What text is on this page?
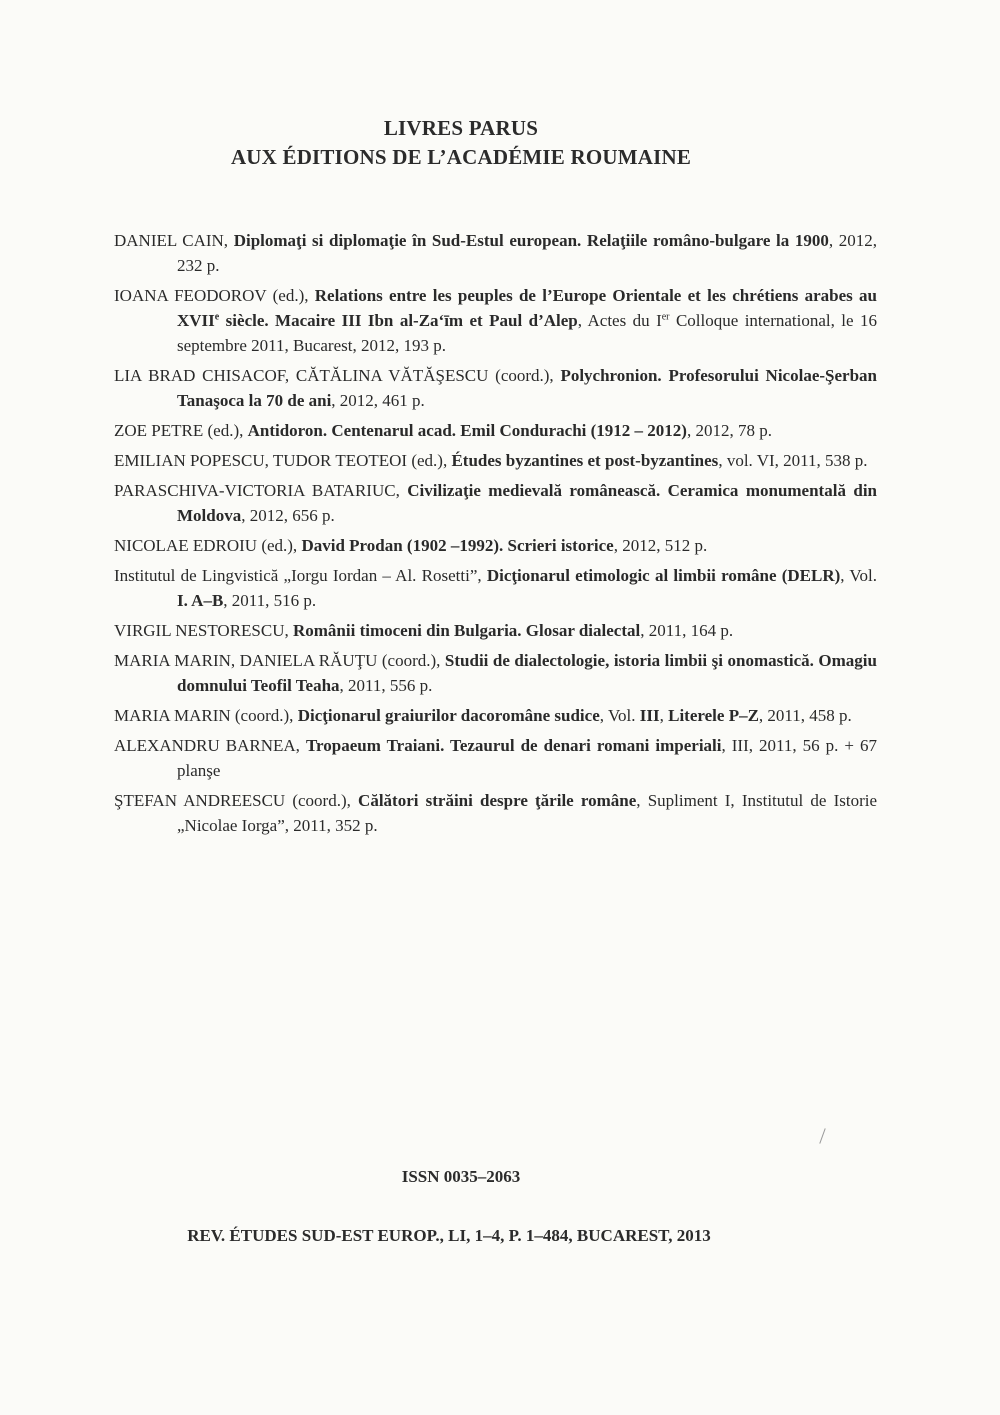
LIVRES PARUS
AUX ÉDITIONS DE L’ACADÉMIE ROUMAINE

DANIEL CAIN, Diplomaţi si diplomaţie în Sud-Estul european. Relaţiile româno-bulgare la 1900, 2012, 232 p.

IOANA FEODOROV (ed.), Relations entre les peuples de l’Europe Orientale et les chrétiens arabes au XVIIe siècle. Macaire III Ibn al-Za‘īm et Paul d’Alep, Actes du Ier Colloque international, le 16 septembre 2011, Bucarest, 2012, 193 p.

LIA BRAD CHISACOF, CĂTĂLINA VĂTĂŞESCU (coord.), Polychronion. Profesorului Nicolae-Şerban Tanaşoca la 70 de ani, 2012, 461 p.

ZOE PETRE (ed.), Antidoron. Centenarul acad. Emil Condurachi (1912 – 2012), 2012, 78 p.

EMILIAN POPESCU, TUDOR TEOTEOI (ed.), Études byzantines et post-byzantines, vol. VI, 2011, 538 p.

PARASCHIVA-VICTORIA BATARIUC, Civilizaţie medievală românească. Ceramica monumentală din Moldova, 2012, 656 p.

NICOLAE EDROIU (ed.), David Prodan (1902 –1992). Scrieri istorice, 2012, 512 p.

Institutul de Lingvistică „Iorgu Iordan – Al. Rosetti”, Dicţionarul etimologic al limbii române (DELR), Vol. I. A–B, 2011, 516 p.

VIRGIL NESTORESCU, Românii timoceni din Bulgaria. Glosar dialectal, 2011, 164 p.

MARIA MARIN, DANIELA RĂUŢU (coord.), Studii de dialectologie, istoria limbii şi onomastică. Omagiu domnului Teofil Teaha, 2011, 556 p.

MARIA MARIN (coord.), Dicţionarul graiurilor dacoromâne sudice, Vol. III, Literele P–Z, 2011, 458 p.

ALEXANDRU BARNEA, Tropaeum Traiani. Tezaurul de denari romani imperiali, III, 2011, 56 p. + 67 planşe

ŞTEFAN ANDREESCU (coord.), Călători străini despre ţările române, Supliment I, Institutul de Istorie „Nicolae Iorga”, 2011, 352 p.

ISSN 0035–2063
REV. ÉTUDES SUD-EST EUROP., LI, 1–4, P. 1–484, BUCAREST, 2013
